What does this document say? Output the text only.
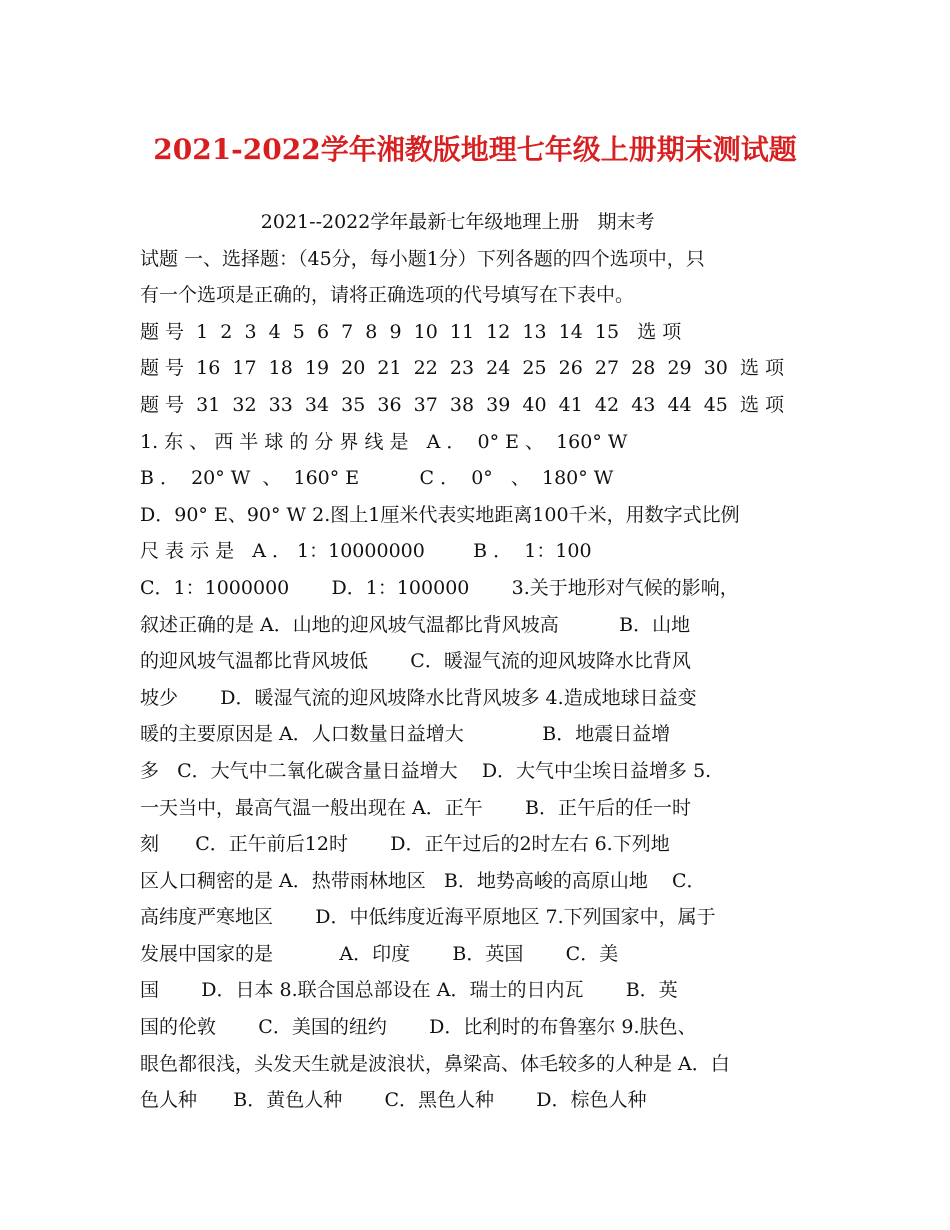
2021-2022学年湘教版地理七年级上册期末测试题
2021--2022学年最新七年级地理上册   期末考
试题 一、选择题：（45分，每小题1分）下列各题的四个选项中，只
有一个选项是正确的，请将正确选项的代号填写在下表中。
题 号  1  2  3  4  5  6  7  8  9  10  11  12  13  14  15   选 项
题 号  16  17  18  19  20  21  22  23  24  25  26  27  28  29  30  选 项
题 号  31  32  33  34  35  36  37  38  39  40  41  42  43  44  45  选 项
1. 东 、 西 半 球 的 分 界 线 是   A ．  0° E 、  160° W
B ．  20° W  、  160° E          C ．  0°   、  180° W
D．90° E、90° W 2.图上1厘米代表实地距离100千米，用数字式比例
尺 表 示 是   A ． 1：10000000        B ．  1：100
C．1：1000000       D．1：100000       3.关于地形对气候的影响，
叙述正确的是 A．山地的迎风坡气温都比背风坡高          B．山地
的迎风坡气温都比背风坡低       C．暖湿气流的迎风坡降水比背风
坡少       D．暖湿气流的迎风坡降水比背风坡多 4.造成地球日益变
暖的主要原因是 A．人口数量日益增大             B．地震日益增
多   C．大气中二氧化碳含量日益增大    D．大气中尘埃日益增多 5.
一天当中，最高气温一般出现在 A．正午       B．正午后的任一时
刻      C．正午前后12时       D．正午过后的2时左右 6.下列地
区人口稠密的是 A．热带雨林地区   B．地势高峻的高原山地    C．
高纬度严寒地区       D．中低纬度近海平原地区 7.下列国家中，属于
发展中国家的是           A．印度       B．英国       C．美
国       D．日本 8.联合国总部设在 A．瑞士的日内瓦       B．英
国的伦敦       C．美国的纽约       D．比利时的布鲁塞尔 9.肤色、
眼色都很浅，头发天生就是波浪状，鼻梁高、体毛较多的人种是 A．白
色人种      B．黄色人种       C．黑色人种       D．棕色人种
